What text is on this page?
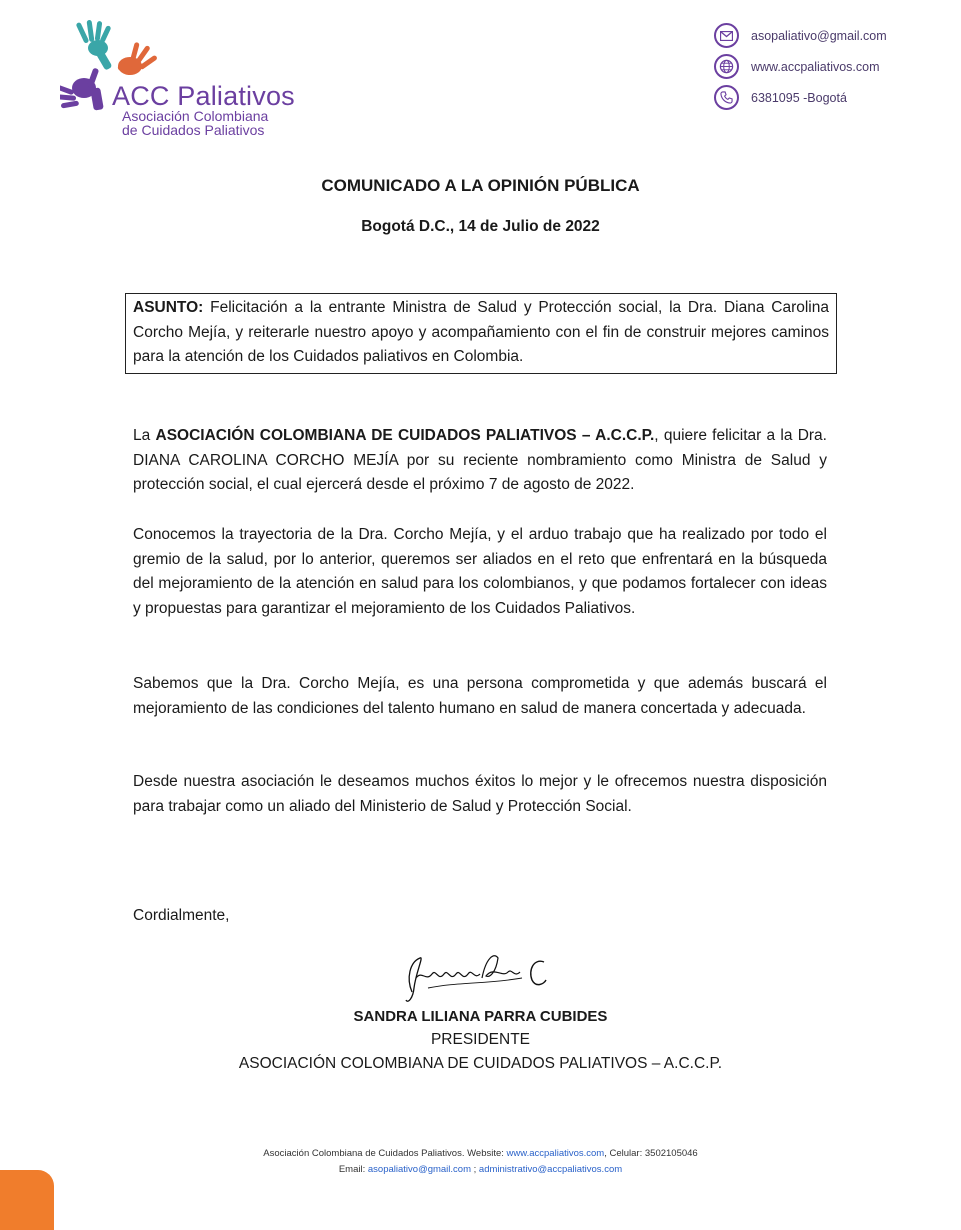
ACC Paliativos
Asociación Colombiana
de Cuidados Paliativos
asopaliativo@gmail.com
www.accpaliativos.com
6381095 -Bogotá
COMUNICADO A LA OPINIÓN PÚBLICA
Bogotá D.C., 14 de Julio de 2022
ASUNTO: Felicitación a la entrante Ministra de Salud y Protección social, la Dra. Diana Carolina Corcho Mejía, y reiterarle nuestro apoyo y acompañamiento con el fin de construir mejores caminos para la atención de los Cuidados paliativos en Colombia.

La ASOCIACIÓN COLOMBIANA DE CUIDADOS PALIATIVOS – A.C.C.P., quiere felicitar a la Dra. DIANA CAROLINA CORCHO MEJÍA por su reciente nombramiento como Ministra de Salud y protección social, el cual ejercerá desde el próximo 7 de agosto de 2022.

Conocemos la trayectoria de la Dra. Corcho Mejía, y el arduo trabajo que ha realizado por todo el gremio de la salud, por lo anterior, queremos ser aliados en el reto que enfrentará en la búsqueda del mejoramiento de la atención en salud para los colombianos, y que podamos fortalecer con ideas y propuestas para garantizar el mejoramiento de los Cuidados Paliativos.

Sabemos que la Dra. Corcho Mejía, es una persona comprometida y que además buscará el mejoramiento de las condiciones del talento humano en salud de manera concertada y adecuada.

Desde nuestra asociación le deseamos muchos éxitos lo mejor y le ofrecemos nuestra disposición para trabajar como un aliado del Ministerio de Salud y Protección Social.

Cordialmente,
SANDRA LILIANA PARRA CUBIDES
PRESIDENTE
ASOCIACIÓN COLOMBIANA DE CUIDADOS PALIATIVOS – A.C.C.P.
Asociación Colombiana de Cuidados Paliativos. Website: www.accpaliativos.com, Celular: 3502105046
Email: asopaliativo@gmail.com ; administrativo@accpaliativos.com
